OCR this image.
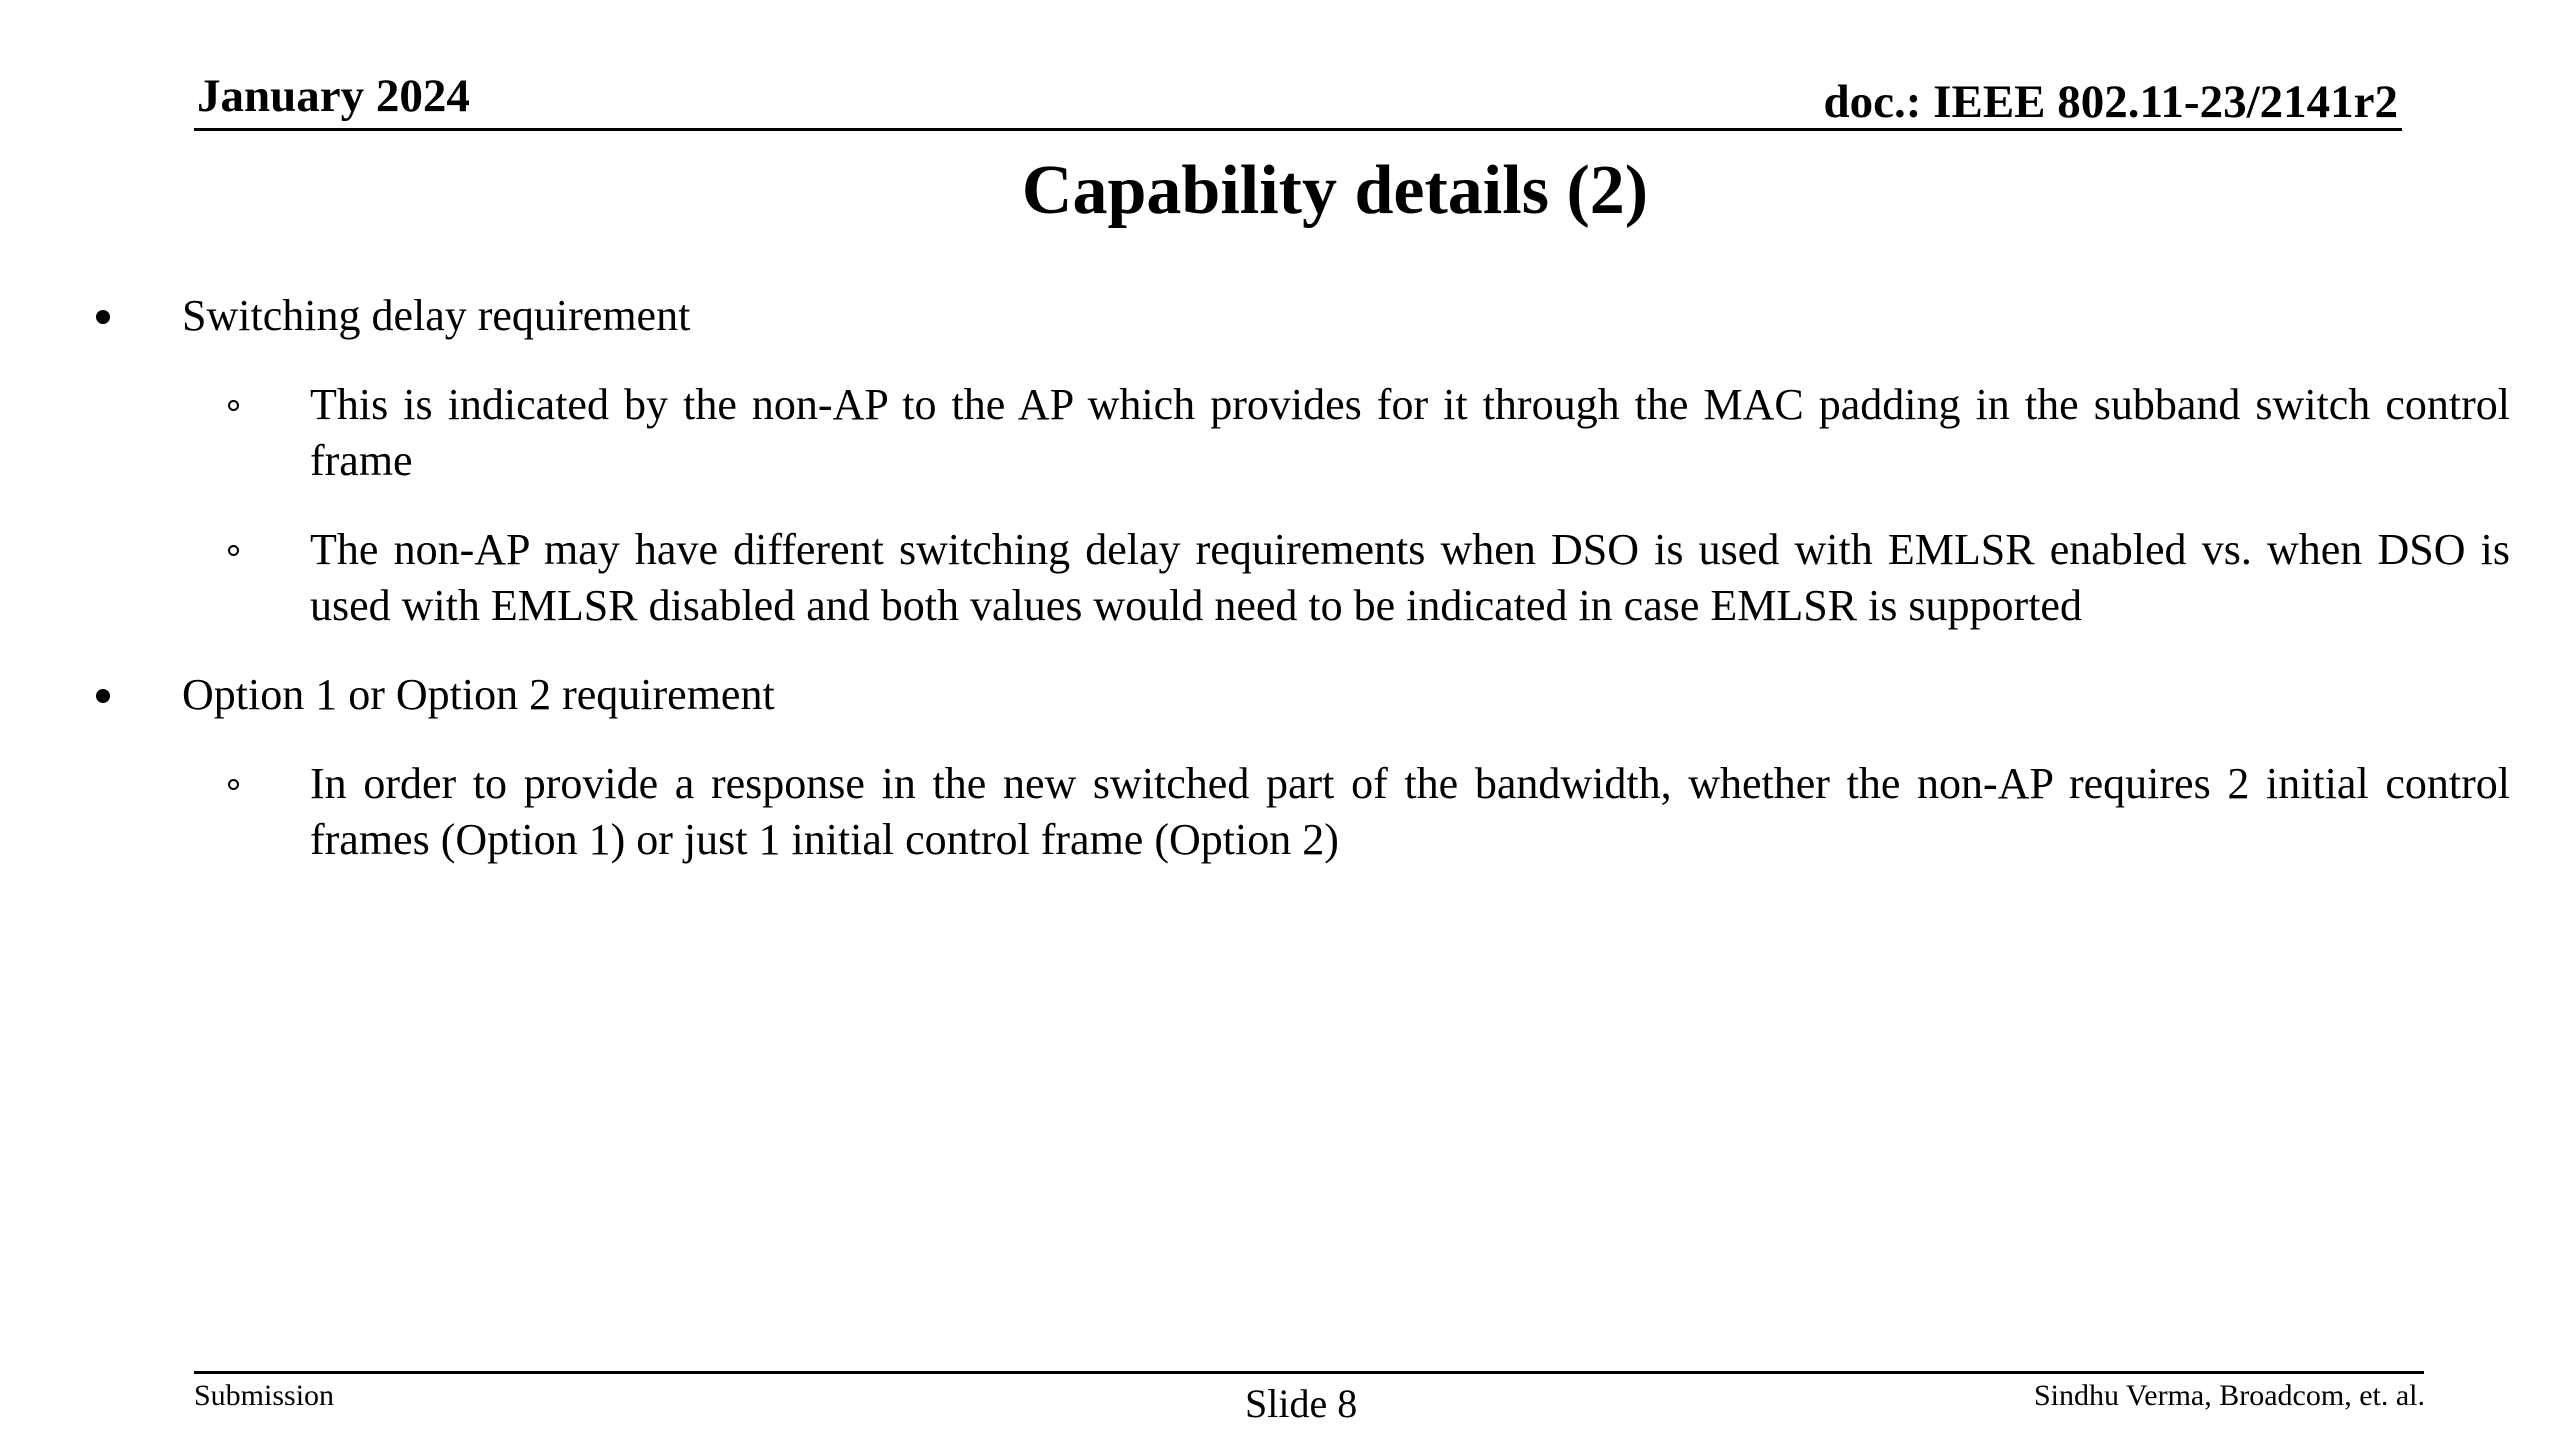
January 2024	doc.: IEEE 802.11-23/2141r2
Capability details (2)
Switching delay requirement
This is indicated by the non-AP to the AP which provides for it through the MAC padding in the subband switch control frame
The non-AP may have different switching delay requirements when DSO is used with EMLSR enabled vs. when DSO is used with EMLSR disabled and both values would need to be indicated in case EMLSR is supported
Option 1 or Option 2 requirement
In order to provide a response in the new switched part of the bandwidth, whether the non-AP requires 2 initial control frames (Option 1) or just 1 initial control frame (Option 2)
Submission	Slide 8	Sindhu Verma, Broadcom, et. al.
